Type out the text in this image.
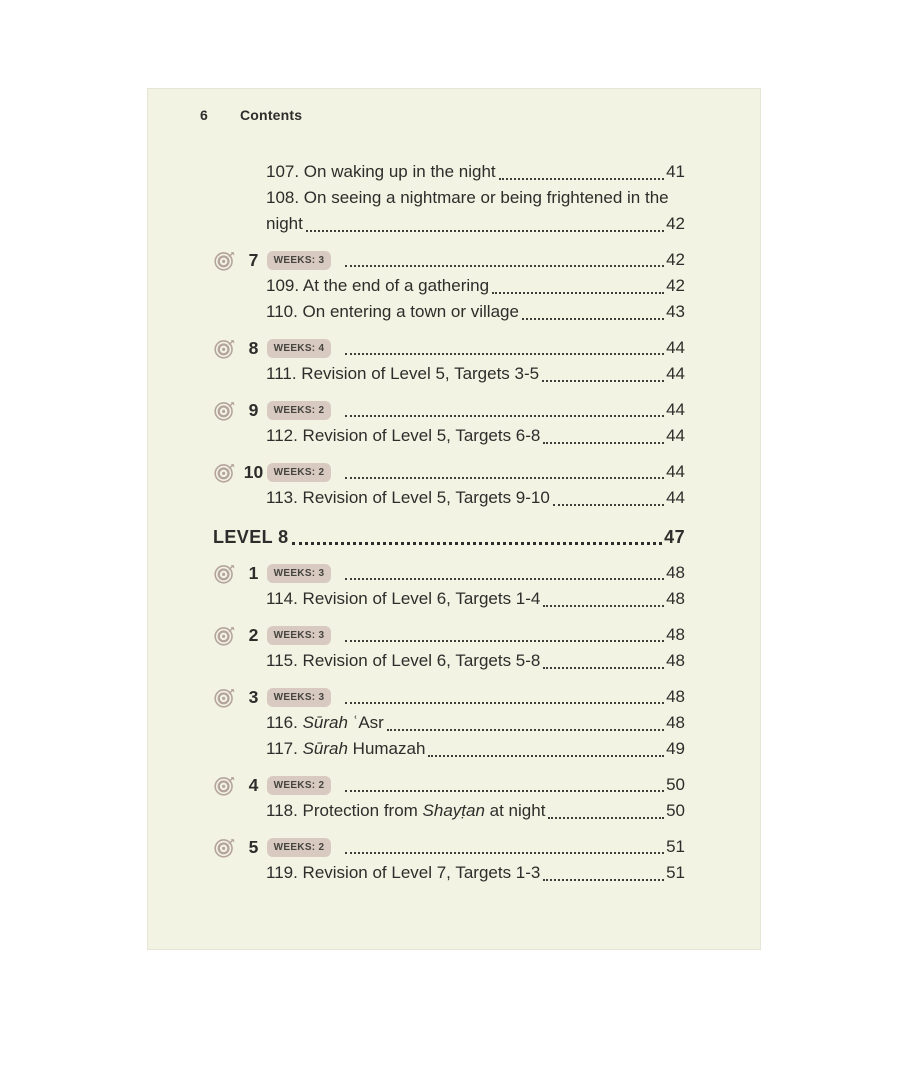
6	Contents
107. On waking up in the night	41
108. On seeing a nightmare or being frightened in the
night	42
7	WEEKS: 3	42
109. At the end of a gathering	42
110. On entering a town or village	43
8	WEEKS: 4	44
111. Revision of Level 5, Targets 3-5	44
9	WEEKS: 2	44
112. Revision of Level 5, Targets 6-8	44
10	WEEKS: 2	44
113. Revision of Level 5, Targets 9-10	44
LEVEL 8	47
1	WEEKS: 3	48
114. Revision of Level 6, Targets 1-4	48
2	WEEKS: 3	48
115. Revision of Level 6, Targets 5-8	48
3	WEEKS: 3	48
116. Sūrah ʿAsr	48
117. Sūrah Humazah	49
4	WEEKS: 2	50
118. Protection from Shayṭan at night	50
5	WEEKS: 2	51
119. Revision of Level 7, Targets 1-3	51
